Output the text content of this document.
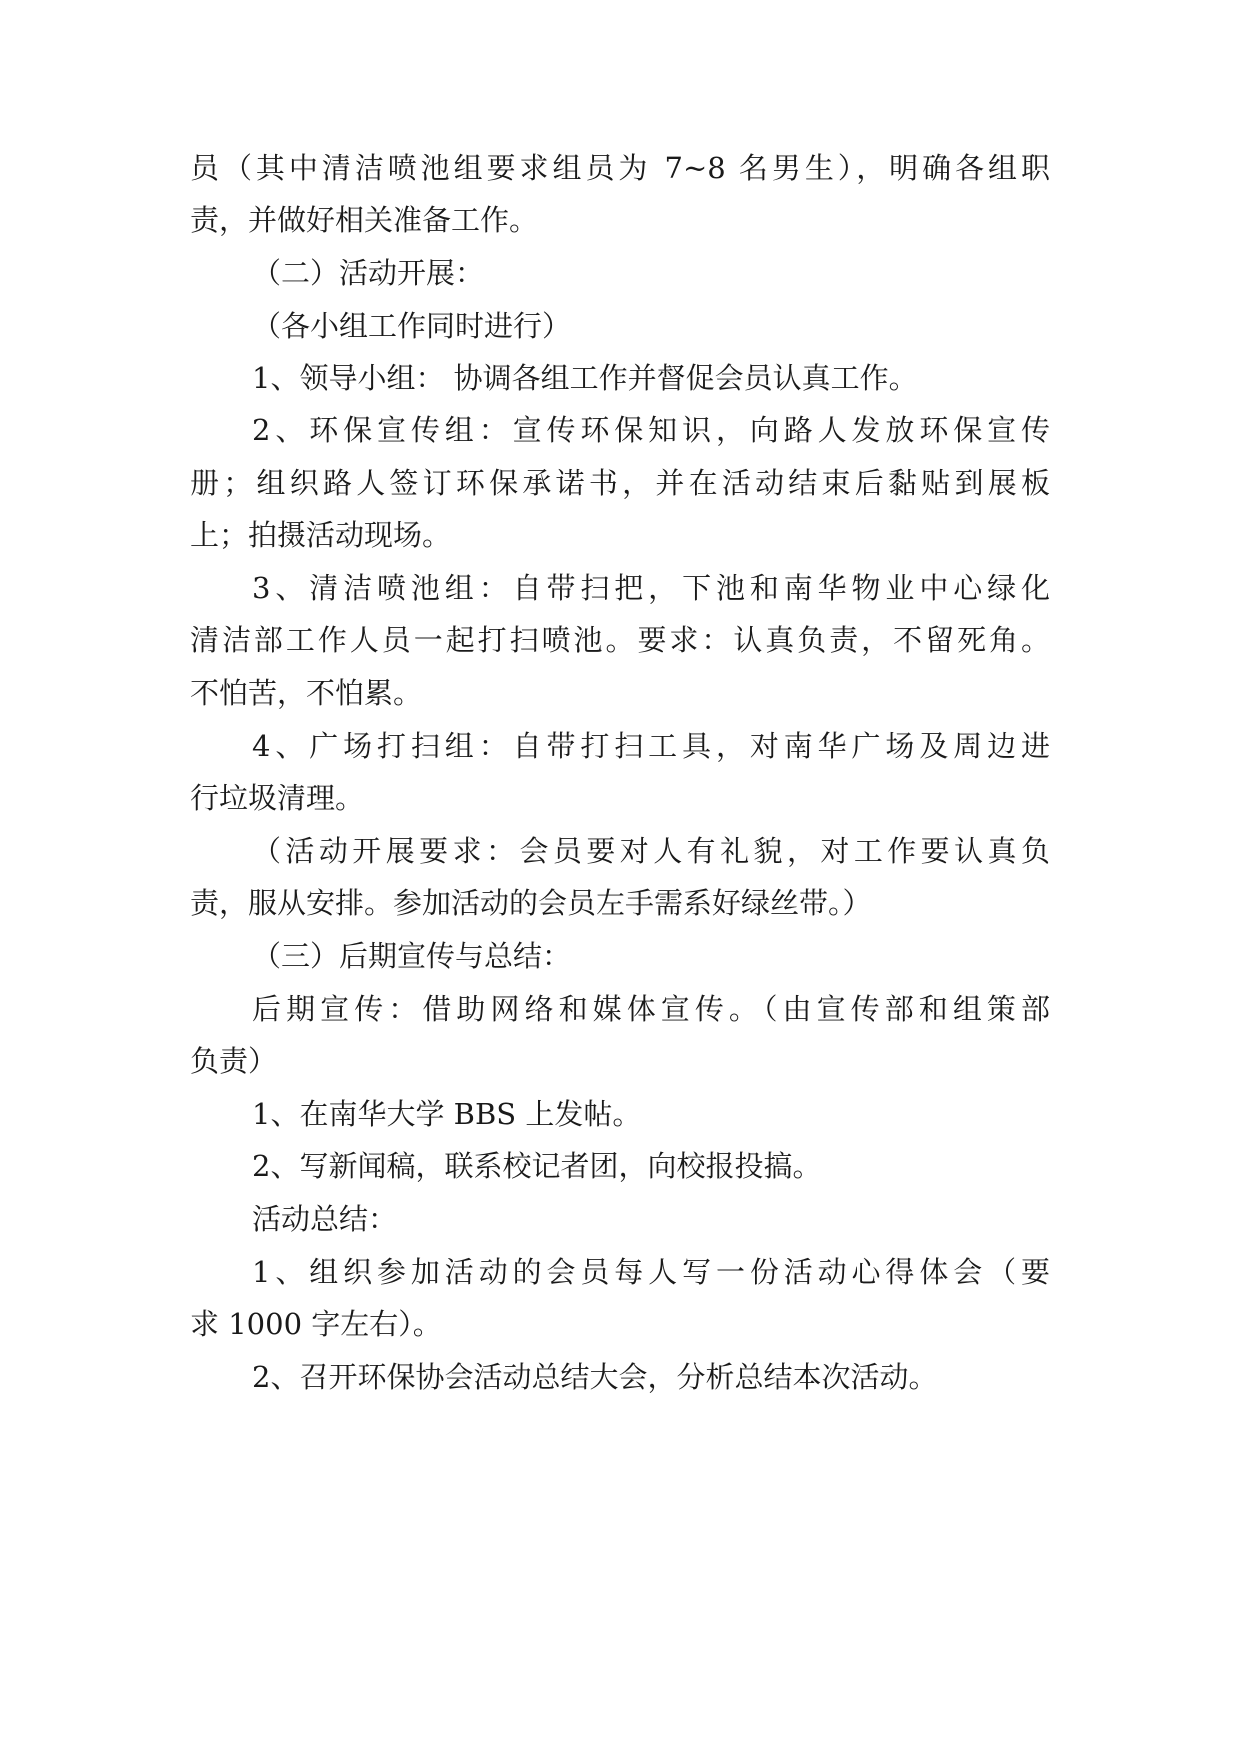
员（其中清洁喷池组要求组员为 7~8 名男生），明确各组职
责，并做好相关准备工作。
（二）活动开展：
（各小组工作同时进行）
1、领导小组： 协调各组工作并督促会员认真工作。
2、环保宣传组：宣传环保知识，向路人发放环保宣传
册；组织路人签订环保承诺书，并在活动结束后黏贴到展板
上；拍摄活动现场。
3、清洁喷池组：自带扫把，下池和南华物业中心绿化
清洁部工作人员一起打扫喷池。要求：认真负责，不留死角。
不怕苦，不怕累。
4、广场打扫组：自带打扫工具，对南华广场及周边进
行垃圾清理。
（活动开展要求：会员要对人有礼貌，对工作要认真负
责，服从安排。参加活动的会员左手需系好绿丝带。）
（三）后期宣传与总结：
后期宣传：借助网络和媒体宣传。（由宣传部和组策部
负责）
1、在南华大学 BBS 上发帖。
2、写新闻稿，联系校记者团，向校报投搞。
活动总结：
1、组织参加活动的会员每人写一份活动心得体会（要
求 1000 字左右）。
2、召开环保协会活动总结大会，分析总结本次活动。
